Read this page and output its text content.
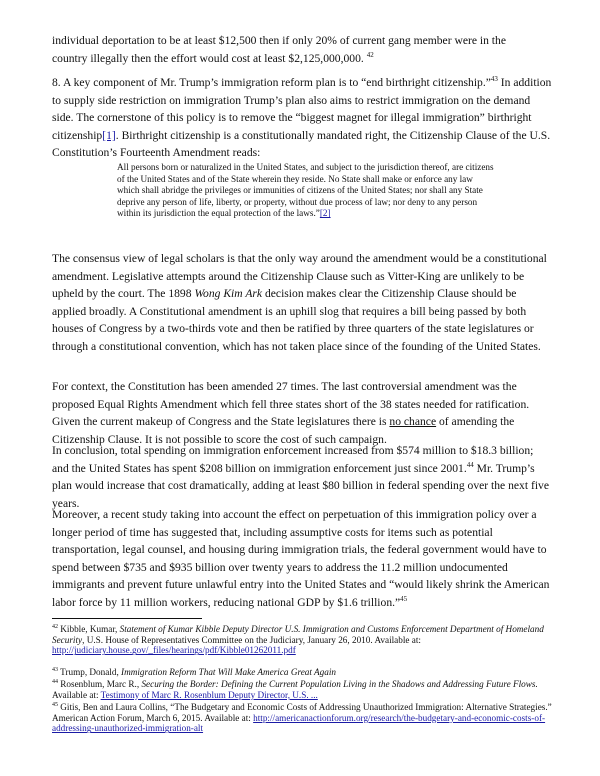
individual deportation to be at least $12,500 then if only 20% of current gang member were in the
country illegally then the effort would cost at least $2,125,000,000. $^{42}$

8. A key component of Mr. Trump’s immigration reform plan is to “end birthright citizenship.”$^{43}$ In addition to supply side restriction on immigration Trump’s plan also aims to restrict immigration on the demand side. The cornerstone of this policy is to remove the “biggest magnet for illegal immigration” birthright citizenship[1]. Birthright citizenship is a constitutionally mandated right, the Citizenship Clause of the U.S. Constitution’s Fourteenth Amendment reads:

All persons born or naturalized in the United States, and subject to the jurisdiction thereof, are citizens of the United States and of the State wherein they reside. No State shall make or enforce any law which shall abridge the privileges or immunities of citizens of the United States; nor shall any State deprive any person of life, liberty, or property, without due process of law; nor deny to any person within its jurisdiction the equal protection of the laws.”[2]

The consensus view of legal scholars is that the only way around the amendment would be a constitutional amendment. Legislative attempts around the Citizenship Clause such as Vitter-King are unlikely to be upheld by the court. The 1898 Wong Kim Ark decision makes clear the Citizenship Clause should be applied broadly. A Constitutional amendment is an uphill slog that requires a bill being passed by both houses of Congress by a two-thirds vote and then be ratified by three quarters of the state legislatures or through a constitutional convention, which has not taken place since of the founding of the United States.

For context, the Constitution has been amended 27 times. The last controversial amendment was the proposed Equal Rights Amendment which fell three states short of the 38 states needed for ratification. Given the current makeup of Congress and the State legislatures there is no chance of amending the Citizenship Clause. It is not possible to score the cost of such campaign.

In conclusion, total spending on immigration enforcement increased from $574 million to $18.3 billion; and the United States has spent $208 billion on immigration enforcement just since 2001.44 Mr. Trump’s plan would increase that cost dramatically, adding at least $80 billion in federal spending over the next five years.

Moreover, a recent study taking into account the effect on perpetuation of this immigration policy over a longer period of time has suggested that, including assumptive costs for items such as potential transportation, legal counsel, and housing during immigration trials, the federal government would have to spend between $735 and $935 billion over twenty years to address the 11.2 million undocumented immigrants and prevent future unlawful entry into the United States and “would likely shrink the American labor force by 11 million workers, reducing national GDP by $1.6 trillion.”$^{45}$

$^{42}$ Kibble, Kumar, Statement of Kumar Kibble Deputy Director U.S. Immigration and Customs Enforcement Department of Homeland Security, U.S. House of Representatives Committee on the Judiciary, January 26, 2010. Available at: http://judiciary.house.gov/_files/hearings/pdf/Kibble01262011.pdf

$^{43}$ Trump, Donald, Immigration Reform That Will Make America Great Again

$^{44}$ Rosenblum, Marc R., Securing the Border: Defining the Current Population Living in the Shadows and Addressing Future Flows. Available at: Testimony of Marc R. Rosenblum Deputy Director, U.S. ...

$^{45}$ Gitis, Ben and Laura Collins, “The Budgetary and Economic Costs of Addressing Unauthorized Immigration: Alternative Strategies.” American Action Forum, March 6, 2015. Available at: http://americanactionforum.org/research/the-budgetary-and-economic-costs-of-addressing-unauthorized-immigration-alt
